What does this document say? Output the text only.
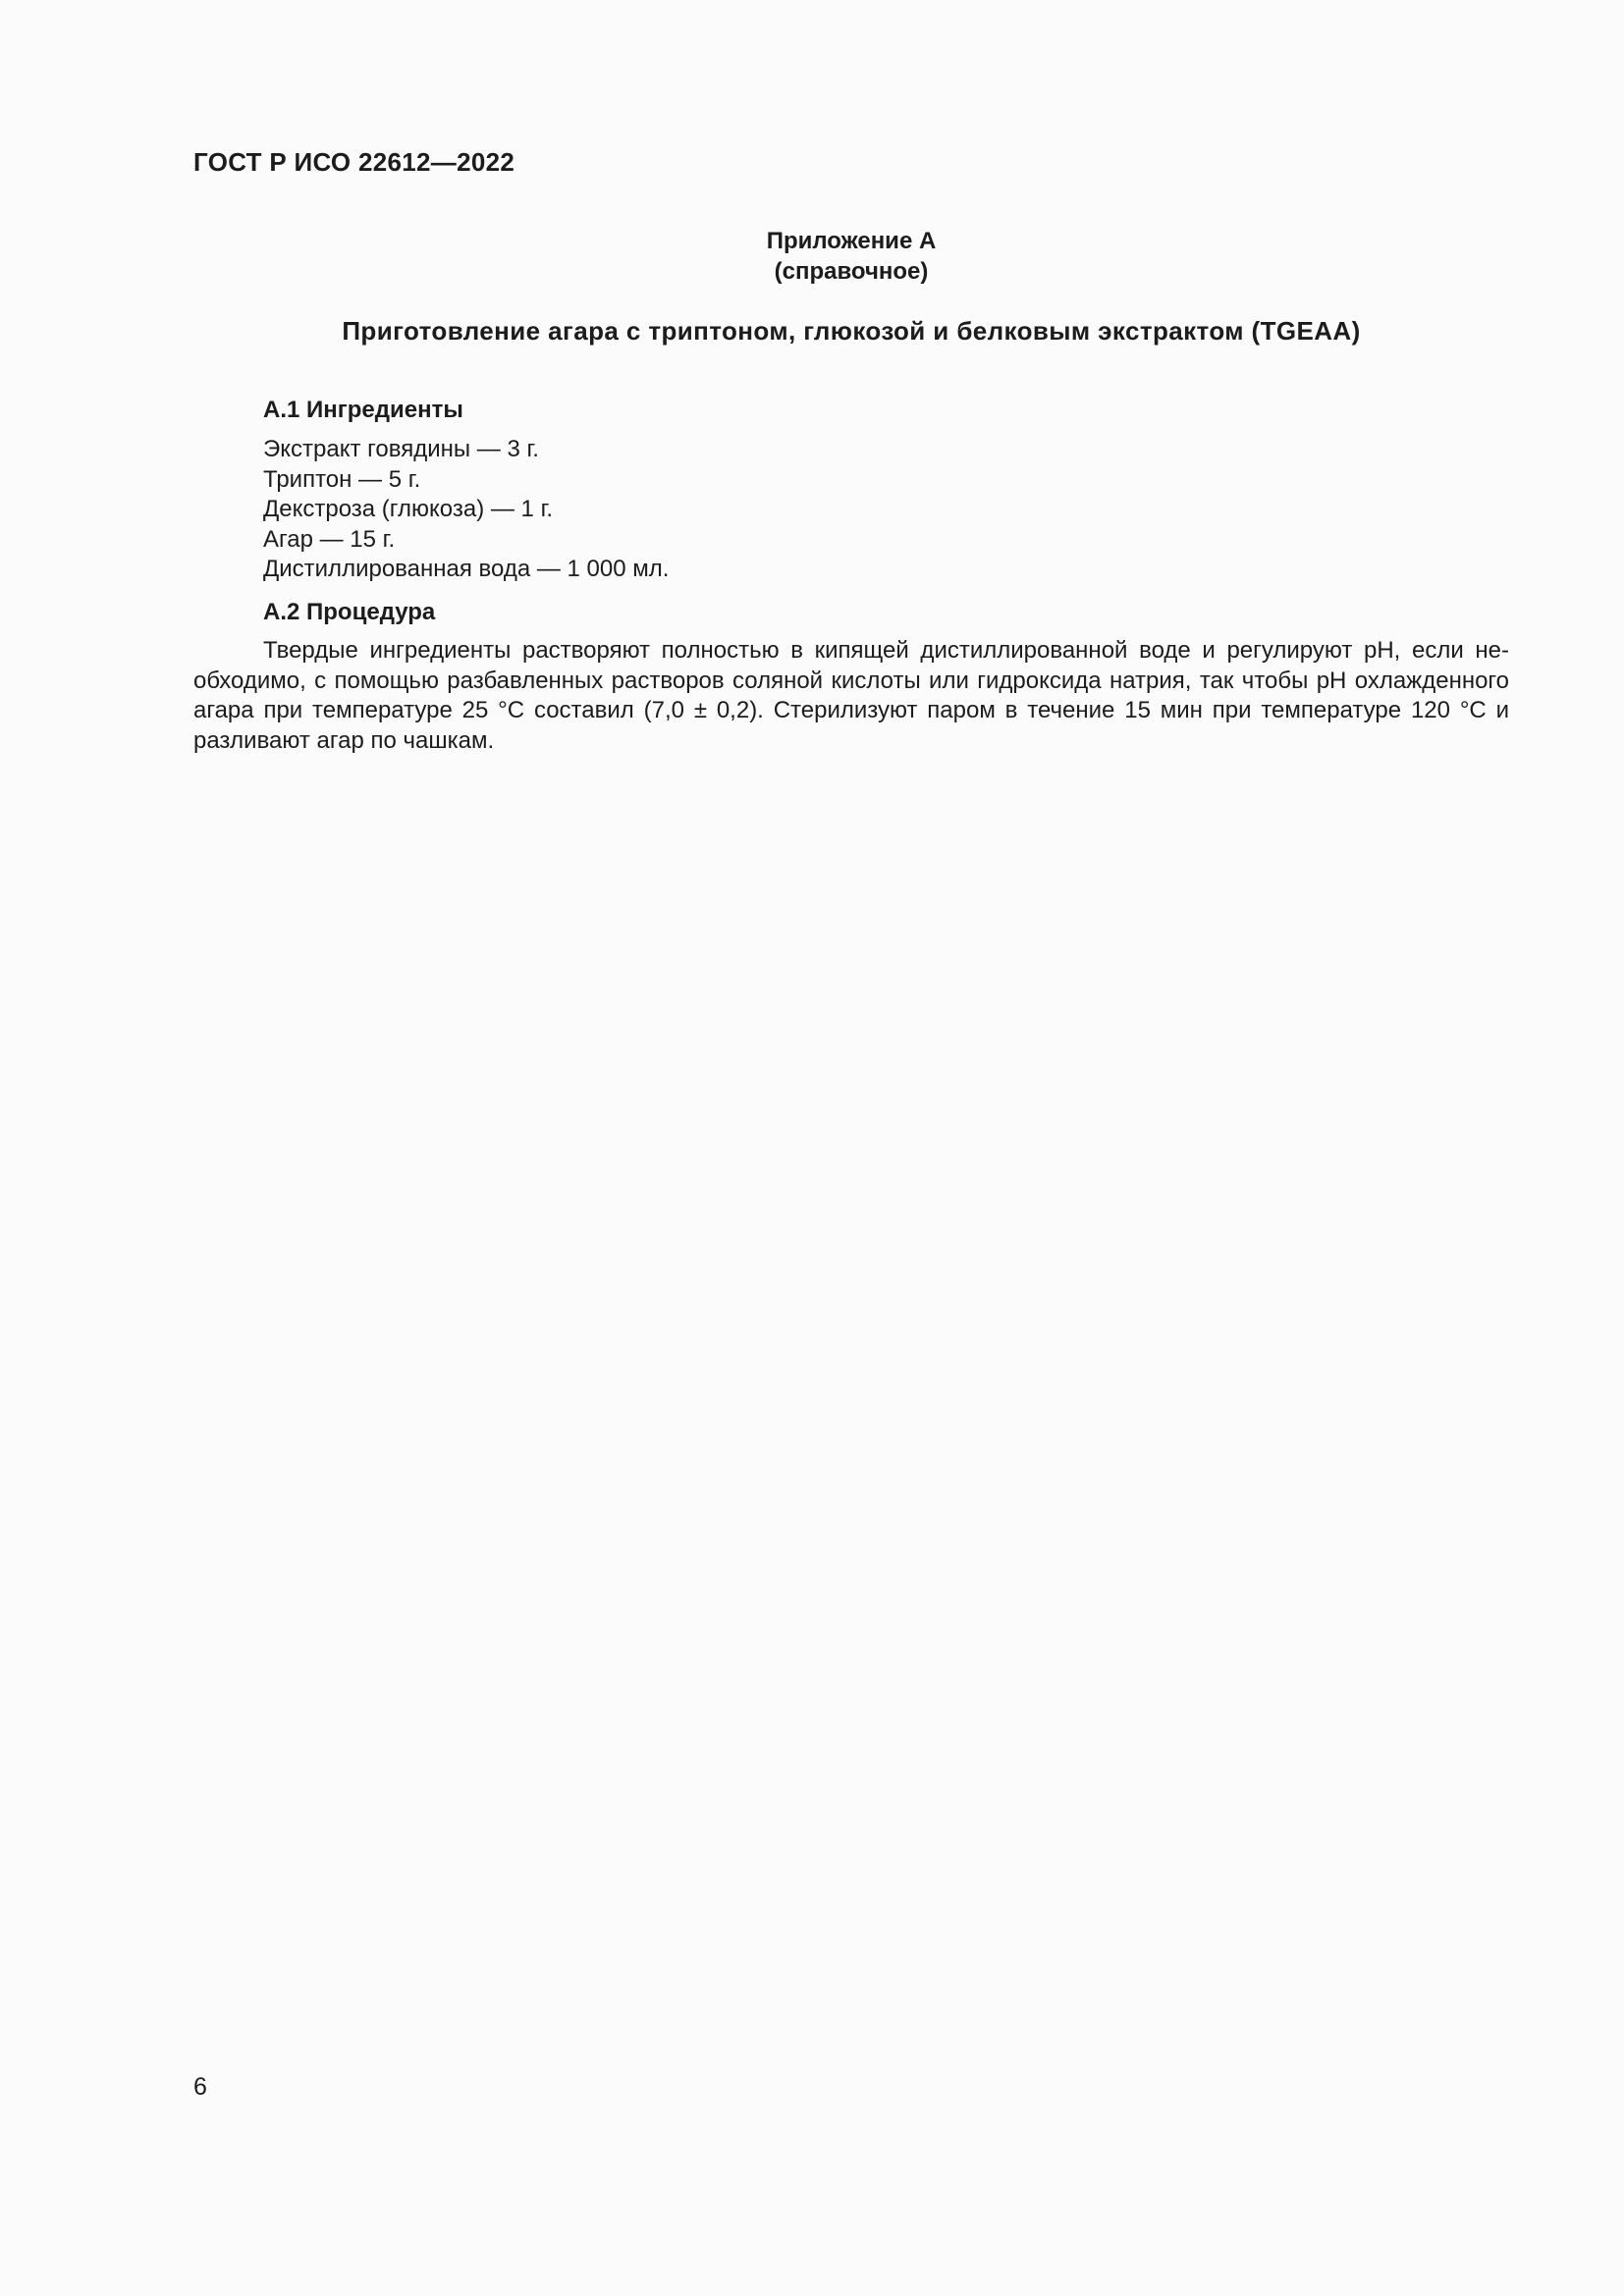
ГОСТ Р ИСО 22612—2022
Приложение А
(справочное)
Приготовление агара с триптоном, глюкозой и белковым экстрактом (TGEAA)
А.1 Ингредиенты
Экстракт говядины — 3 г.
Триптон — 5 г.
Декстроза (глюкоза) — 1 г.
Агар — 15 г.
Дистиллированная вода — 1 000 мл.
А.2 Процедура

Твердые ингредиенты растворяют полностью в кипящей дистиллированной воде и регулируют pH, если необходимо, с помощью разбавленных растворов соляной кислоты или гидроксида натрия, так чтобы pH охлажденного агара при температуре 25 °С составил (7,0 ± 0,2). Стерилизуют паром в течение 15 мин при температуре 120 °С и разливают агар по чашкам.

6
